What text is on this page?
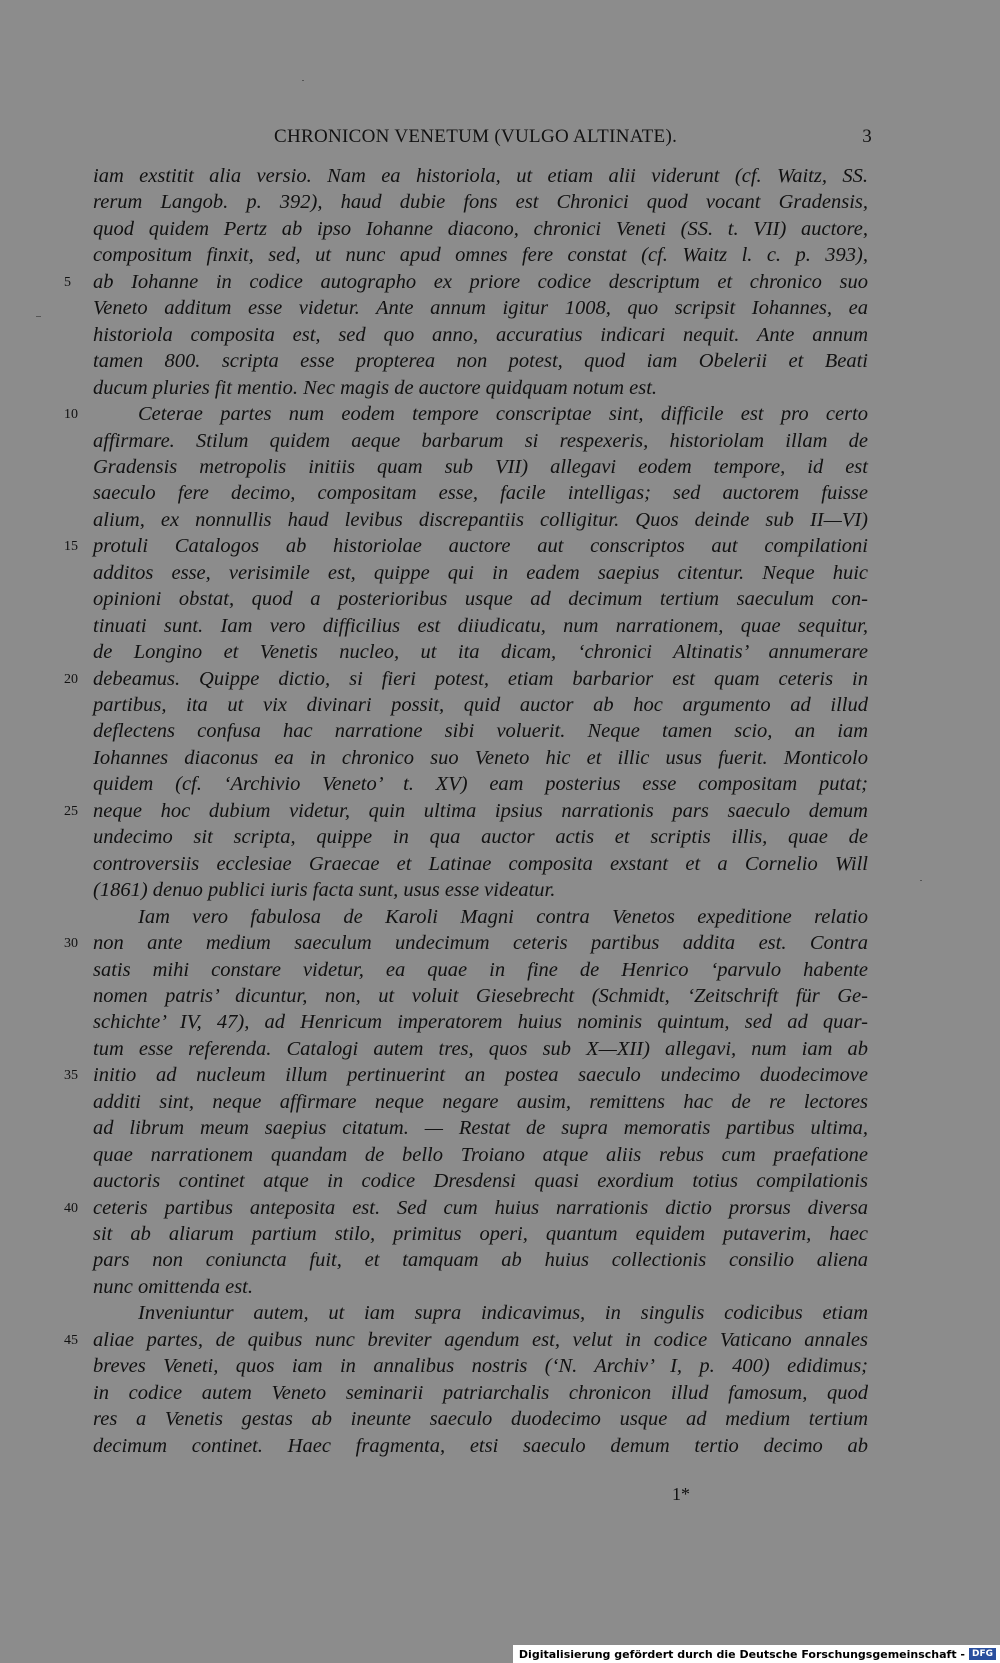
CHRONICON VENETUM (VULGO ALTINATE).	3
iam exstitit alia versio. Nam ea historiola, ut etiam alii viderunt (cf. Waitz, SS.
rerum Langob. p. 392), haud dubie fons est Chronici quod vocant Gradensis,
quod quidem Pertz ab ipso Iohanne diacono, chronici Veneti (SS. t. VII) auctore,
compositum finxit, sed, ut nunc apud omnes fere constat (cf. Waitz l. c. p. 393),
ab Iohanne in codice autographo ex priore codice descriptum et chronico suo
5
Veneto additum esse videtur. Ante annum igitur 1008, quo scripsit Iohannes, ea
historiola composita est, sed quo anno, accuratius indicari nequit. Ante annum
tamen 800. scripta esse propterea non potest, quod iam Obelerii et Beati
ducum pluries fit mentio. Nec magis de auctore quidquam notum est.
Ceterae partes num eodem tempore conscriptae sint, difficile est pro certo
10
affirmare. Stilum quidem aeque barbarum si respexeris, historiolam illam de
Gradensis metropolis initiis quam sub VII) allegavi eodem tempore, id est
saeculo fere decimo, compositam esse, facile intelligas; sed auctorem fuisse
alium, ex nonnullis haud levibus discrepantiis colligitur. Quos deinde sub II—VI)
protuli Catalogos ab historiolae auctore aut conscriptos aut compilationi
15
additos esse, verisimile est, quippe qui in eadem saepius citentur. Neque huic
opinioni obstat, quod a posterioribus usque ad decimum tertium saeculum con-
tinuati sunt. Iam vero difficilius est diiudicatu, num narrationem, quae sequitur,
de Longino et Venetis nucleo, ut ita dicam, ‘chronici Altinatis’ annumerare
debeamus. Quippe dictio, si fieri potest, etiam barbarior est quam ceteris in
20
partibus, ita ut vix divinari possit, quid auctor ab hoc argumento ad illud
deflectens confusa hac narratione sibi voluerit. Neque tamen scio, an iam
Iohannes diaconus ea in chronico suo Veneto hic et illic usus fuerit. Monticolo
quidem (cf. ‘Archivio Veneto’ t. XV) eam posterius esse compositam putat;
neque hoc dubium videtur, quin ultima ipsius narrationis pars saeculo demum
25
undecimo sit scripta, quippe in qua auctor actis et scriptis illis, quae de
controversiis ecclesiae Graecae et Latinae composita exstant et a Cornelio Will
(1861) denuo publici iuris facta sunt, usus esse videatur.
Iam vero fabulosa de Karoli Magni contra Venetos expeditione relatio
non ante medium saeculum undecimum ceteris partibus addita est. Contra
30
satis mihi constare videtur, ea quae in fine de Henrico ‘parvulo habente
nomen patris’ dicuntur, non, ut voluit Giesebrecht (Schmidt, ‘Zeitschrift für Ge-
schichte’ IV, 47), ad Henricum imperatorem huius nominis quintum, sed ad quar-
tum esse referenda. Catalogi autem tres, quos sub X—XII) allegavi, num iam ab
initio ad nucleum illum pertinuerint an postea saeculo undecimo duodecimove
35
additi sint, neque affirmare neque negare ausim, remittens hac de re lectores
ad librum meum saepius citatum. — Restat de supra memoratis partibus ultima,
quae narrationem quandam de bello Troiano atque aliis rebus cum praefatione
auctoris continet atque in codice Dresdensi quasi exordium totius compilationis
ceteris partibus anteposita est. Sed cum huius narrationis dictio prorsus diversa
40
sit ab aliarum partium stilo, primitus operi, quantum equidem putaverim, haec
pars non coniuncta fuit, et tamquam ab huius collectionis consilio aliena
nunc omittenda est.
Inveniuntur autem, ut iam supra indicavimus, in singulis codicibus etiam
aliae partes, de quibus nunc breviter agendum est, velut in codice Vaticano annales
45
breves Veneti, quos iam in annalibus nostris (‘N. Archiv’ I, p. 400) edidimus;
in codice autem Veneto seminarii patriarchalis chronicon illud famosum, quod
res a Venetis gestas ab ineunte saeculo duodecimo usque ad medium tertium
decimum continet. Haec fragmenta, etsi saeculo demum tertio decimo ab
1*
Digitalisierung gefördert durch die Deutsche Forschungsgemeinschaft - DFG
